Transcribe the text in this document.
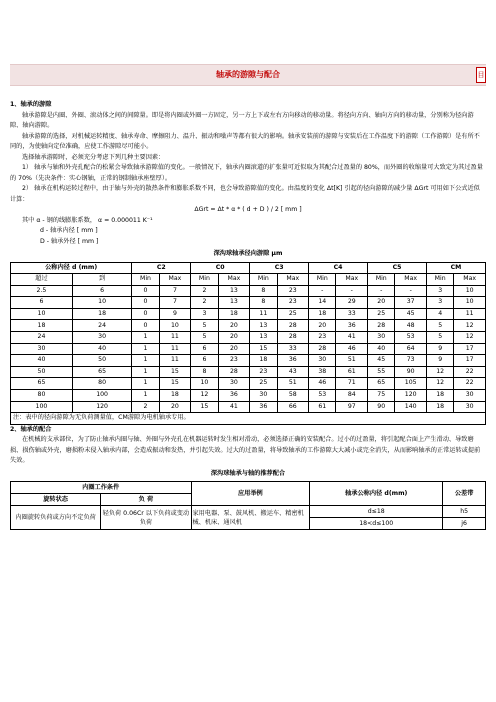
轴承的游隙与配合	目

1、轴承的游隙

轴承游隙是内圈、外圈、滚动体之间的间隙量。即是将内圈或外圈一方固定，另一方上下或左右方向移动的移动量。将径向方向、轴向方向的移动量，分别称为径向游隙、轴向游隙。

轴承游隙的选择，对机械运转精度、轴承寿命、摩擦阻力、温升、振动和噪声等都有很大的影响。轴承安装前的游隙与安装后在工作温度下的游隙（工作游隙）是有所不同的，为使轴向定位准确，应使工作游隙尽可能小。

选择轴承游隙时，必须充分考虑下列几种主要因素：

1） 轴承与轴和外壳孔配合的松紧会导致轴承游隙值的变化。一般情况下，轴承内圈滚道的扩张量可近似取为其配合过盈量的 80%，而外圈的收缩量可大致定为其过盈量的 70%（先决条件：实心钢轴，正常的钢制轴承座壁厚）。

2） 轴承在机构运转过程中，由于轴与外壳的散热条件和膨胀系数不同，也会导致游隙值的变化。由温度的变化 Δt[K] 引起的径向游隙的减少量 ΔGrt 可用如下公式近似计算：

ΔGrt = Δt * α * ( d + D ) / 2 [ mm ]

其中 α - 钢的线膨胀系数， α = 0.000011 K⁻¹

d - 轴承内径 [ mm ]

D - 轴承外径 [ mm ]

深沟球轴承径向游隙 μm
公称内径 d (mm)		C2		C0		C3		C4		C5		CM	
超过	到	Min	Max	Min	Max	Min	Max	Min	Max	Min	Max	Min	Max
2.5	6	0	7	2	13	8	23	-	-	-	-	3	10
6	10	0	7	2	13	8	23	14	29	20	37	3	10
10	18	0	9	3	18	11	25	18	33	25	45	4	11
18	24	0	10	5	20	13	28	20	36	28	48	5	12
24	30	1	11	5	20	13	28	23	41	30	53	5	12
30	40	1	11	6	20	15	33	28	46	40	64	9	17
40	50	1	11	6	23	18	36	30	51	45	73	9	17
50	65	1	15	8	28	23	43	38	61	55	90	12	22
65	80	1	15	10	30	25	51	46	71	65	105	12	22
80	100	1	18	12	36	30	58	53	84	75	120	18	30
100	120	2	20	15	41	36	66	61	97	90	140	18	30
注：表中的径向游隙为无负荷测量值，CM游隙为电机轴承专用。													

2、轴承的配合

在机械的支承部位，为了防止轴承内圈与轴、外圈与外壳孔在机器运转时发生相对滑动，必须选择正确的安装配合。过小的过盈量，将引起配合面上产生滑动、导致磨损、损伤轴或外壳，磨损粉末侵入轴承内部，会造成振动和发热，并引起失效。过大的过盈量，将导致轴承的工作游隙大大减小或完全消失，从而影响轴承的正常运转或提前失效。

深沟球轴承与轴的推荐配合
内圈工作条件		应用举例	轴承公称内径 d(mm)	公差带
旋转状态	负 荷			
内圈旋转负荷或方向不定负荷	轻负荷 0.06Cr 以下负荷或变动负荷	家用电器、泵、鼓风机、搬运车、精密机械、机床、通风机	d≤18	h5
			18<d≤100	j6
